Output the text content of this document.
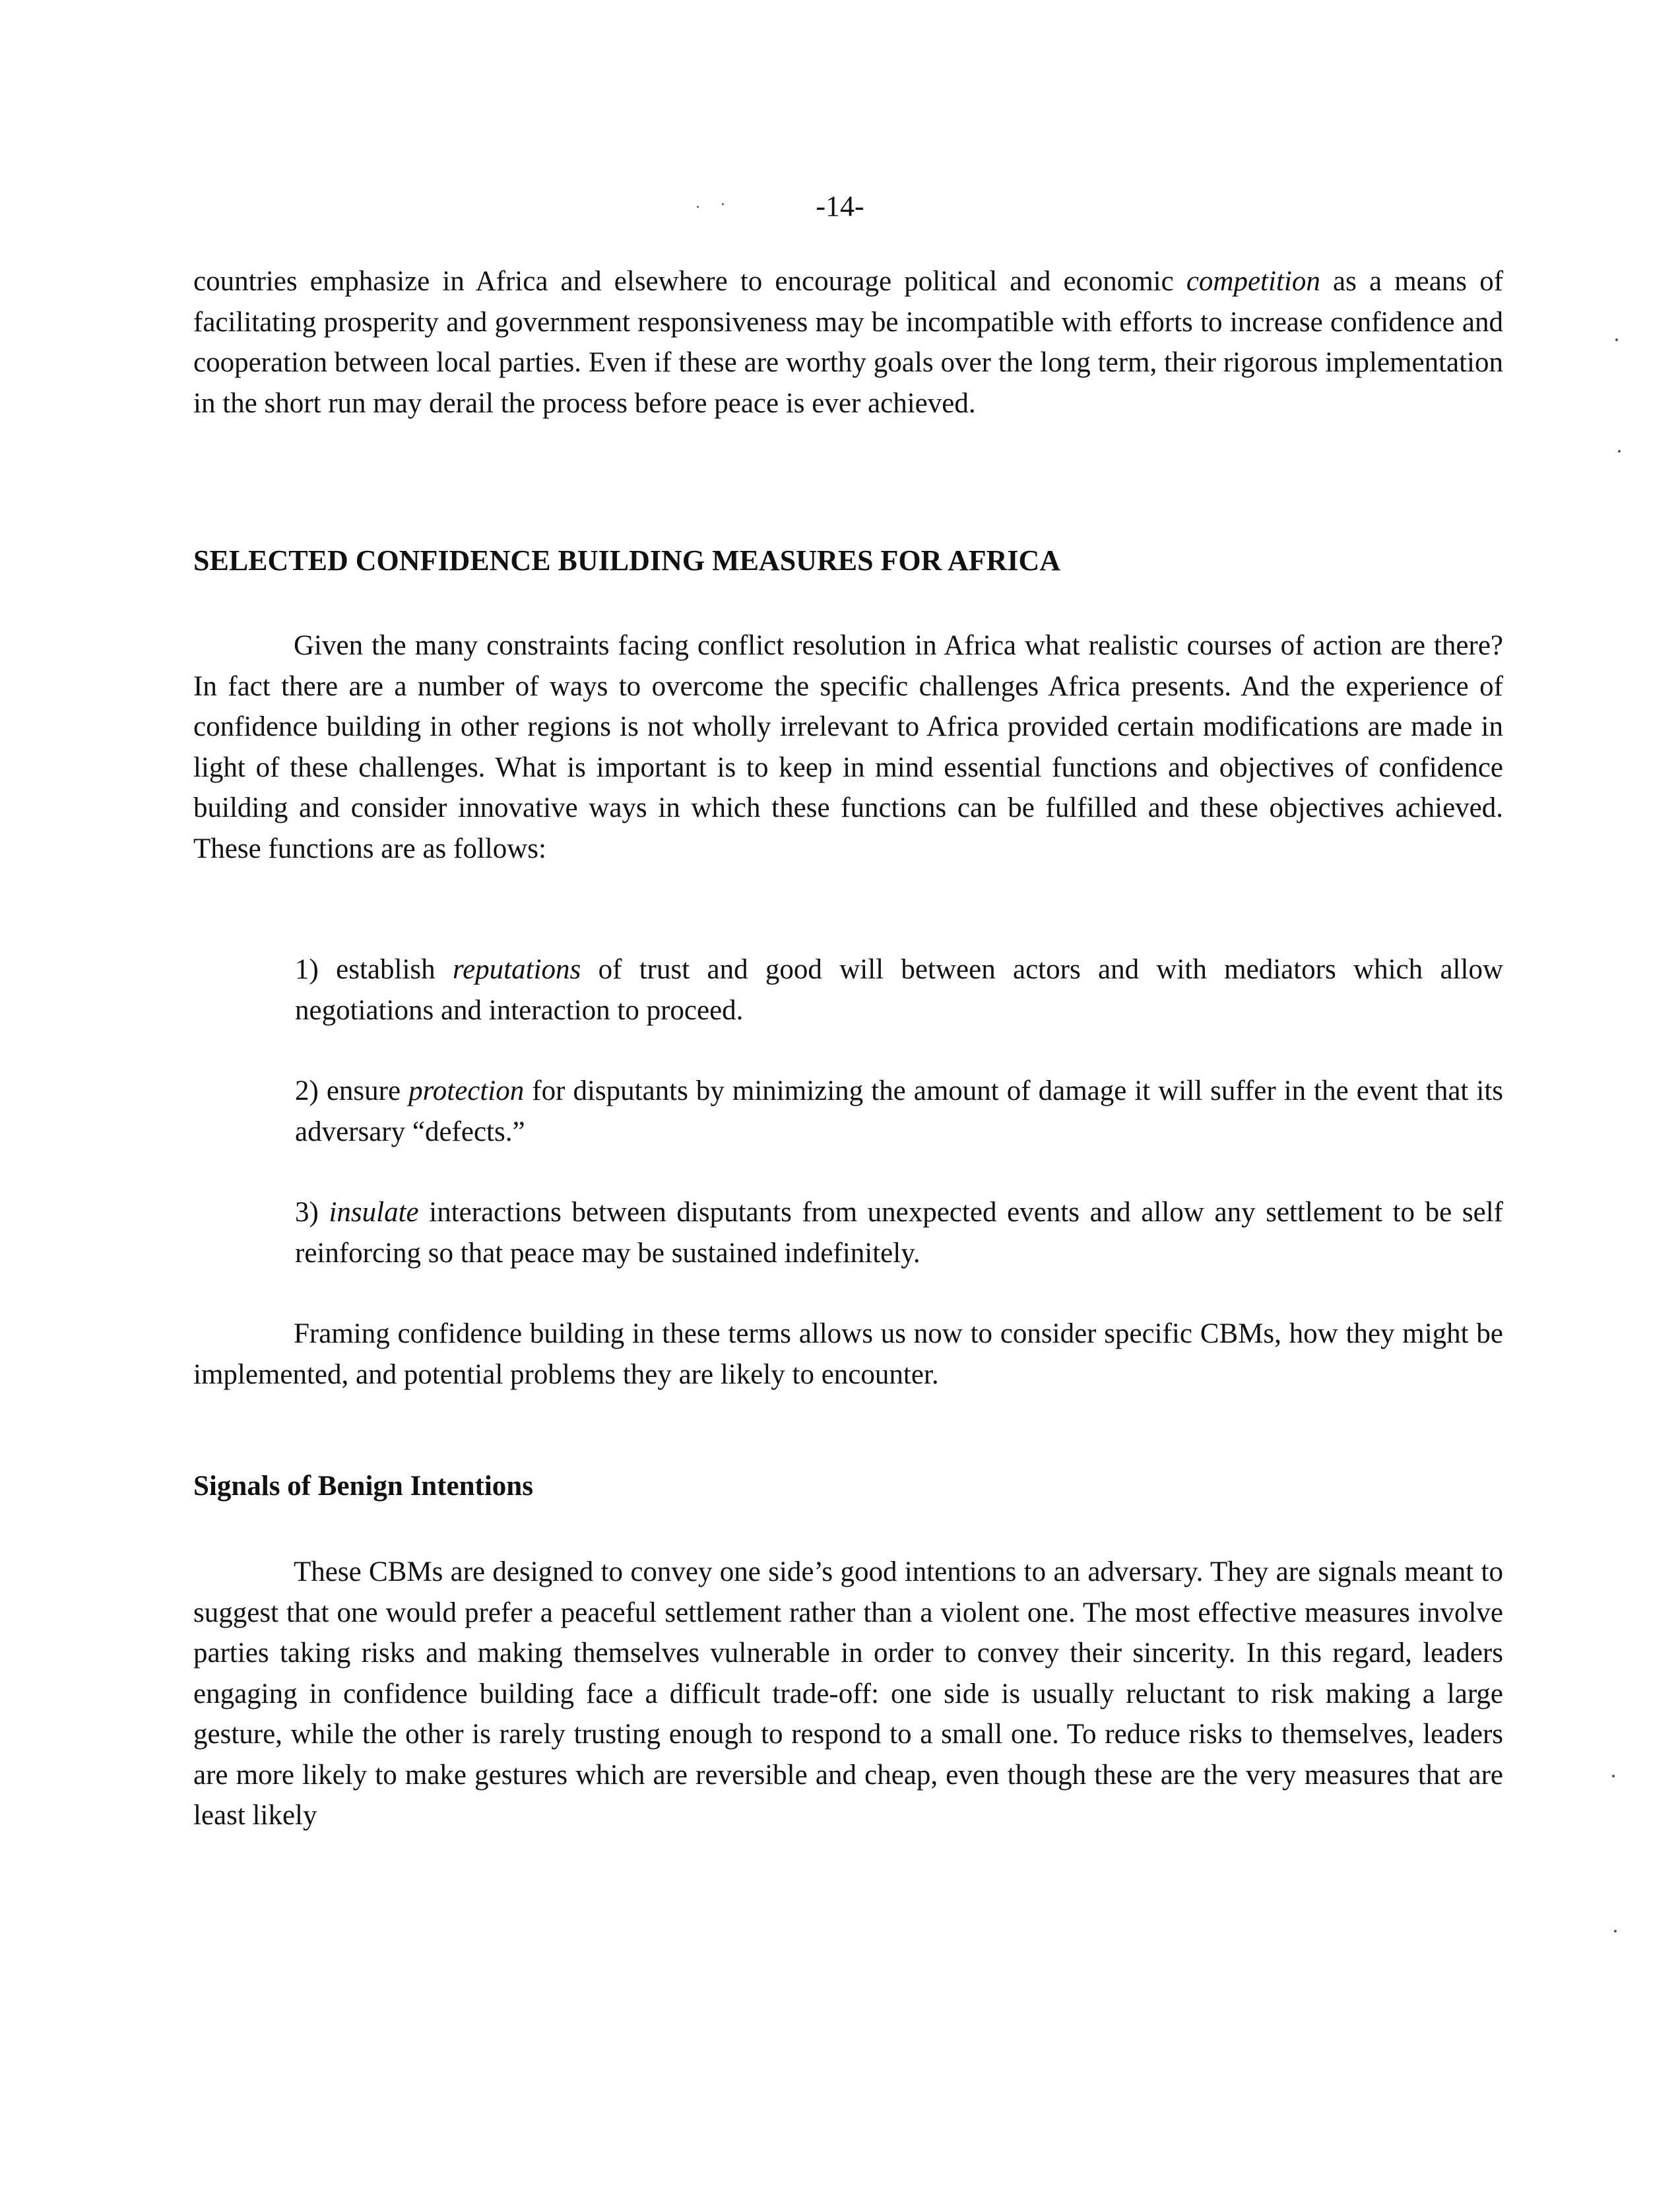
-14-

countries emphasize in Africa and elsewhere to encourage political and economic competition as a means of facilitating prosperity and government responsiveness may be incompatible with efforts to increase confidence and cooperation between local parties. Even if these are worthy goals over the long term, their rigorous implementation in the short run may derail the process before peace is ever achieved.

SELECTED CONFIDENCE BUILDING MEASURES FOR AFRICA

Given the many constraints facing conflict resolution in Africa what realistic courses of action are there? In fact there are a number of ways to overcome the specific challenges Africa presents. And the experience of confidence building in other regions is not wholly irrelevant to Africa provided certain modifications are made in light of these challenges. What is important is to keep in mind essential functions and objectives of confidence building and consider innovative ways in which these functions can be fulfilled and these objectives achieved. These functions are as follows:

1) establish reputations of trust and good will between actors and with mediators which allow negotiations and interaction to proceed.
2) ensure protection for disputants by minimizing the amount of damage it will suffer in the event that its adversary “defects.”
3) insulate interactions between disputants from unexpected events and allow any settlement to be self reinforcing so that peace may be sustained indefinitely.

Framing confidence building in these terms allows us now to consider specific CBMs, how they might be implemented, and potential problems they are likely to encounter.

Signals of Benign Intentions

These CBMs are designed to convey one side’s good intentions to an adversary. They are signals meant to suggest that one would prefer a peaceful settlement rather than a violent one. The most effective measures involve parties taking risks and making themselves vulnerable in order to convey their sincerity. In this regard, leaders engaging in confidence building face a difficult trade-off: one side is usually reluctant to risk making a large gesture, while the other is rarely trusting enough to respond to a small one. To reduce risks to themselves, leaders are more likely to make gestures which are reversible and cheap, even though these are the very measures that are least likely
